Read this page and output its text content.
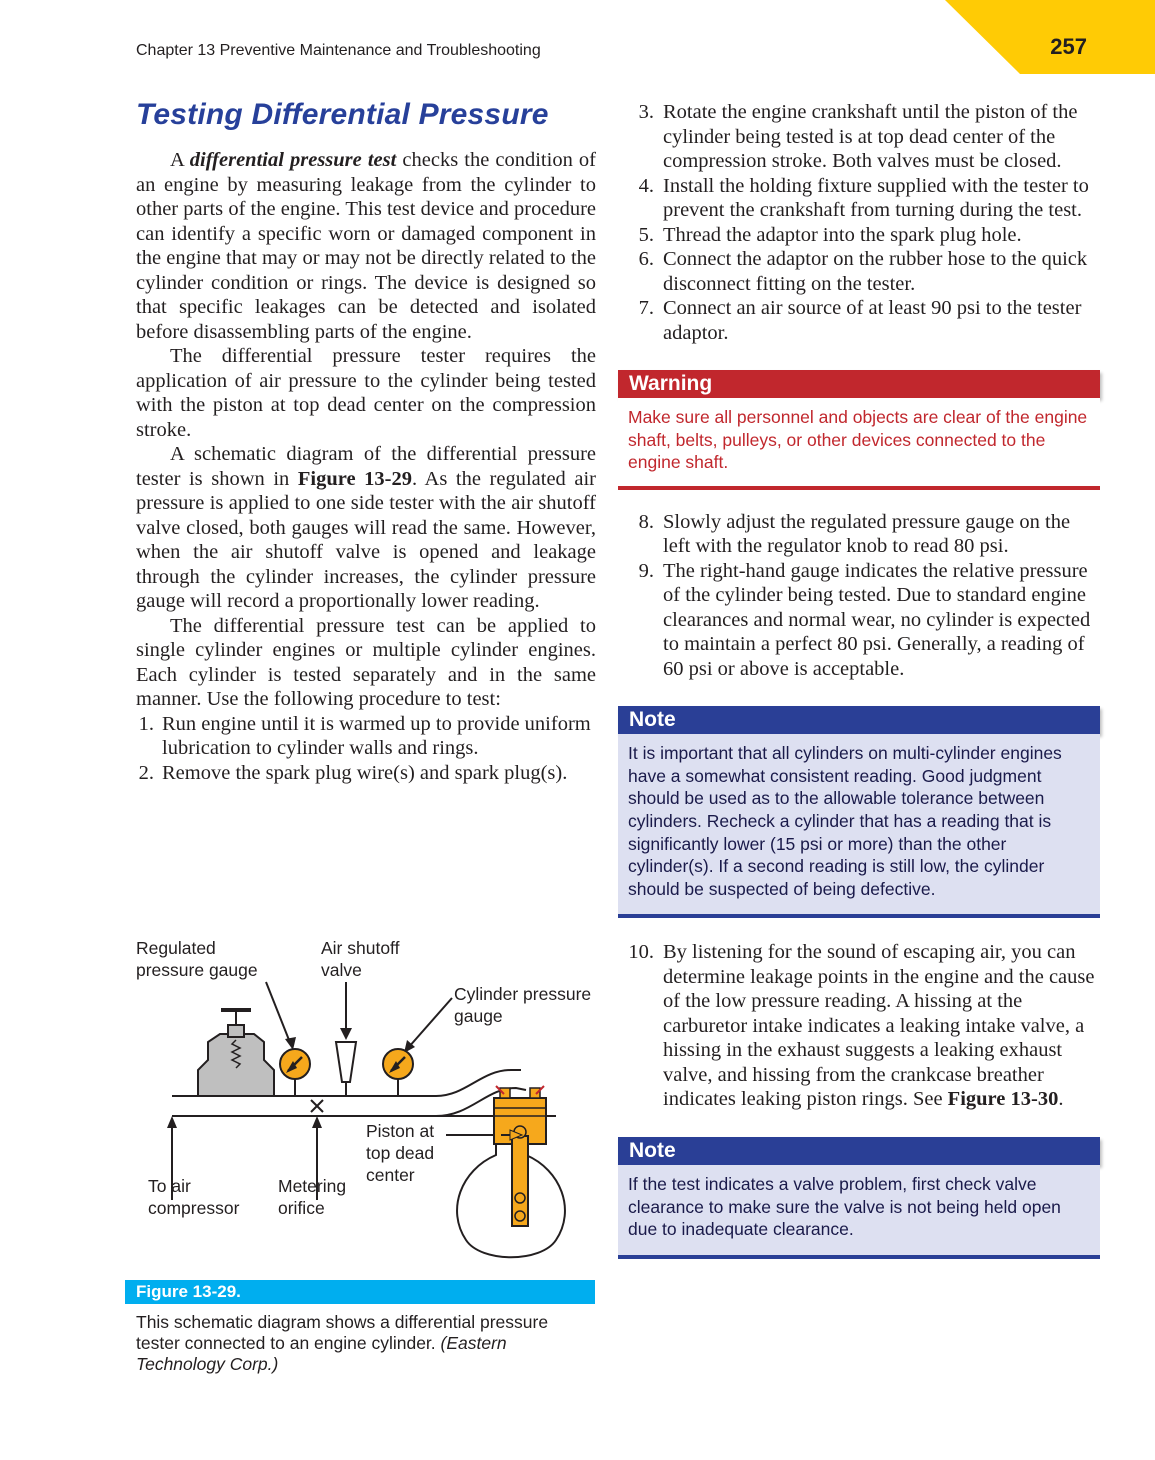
Chapter 13 Preventive Maintenance and Troubleshooting	257
Testing Differential Pressure

A differential pressure test checks the condition of an engine by measuring leakage from the cylinder to other parts of the engine. This test device and procedure can identify a specific worn or damaged component in the engine that may or may not be directly related to the cylinder condition or rings. The device is designed so that specific leakages can be detected and isolated before disassembling parts of the engine.

The differential pressure tester requires the application of air pressure to the cylinder being tested with the piston at top dead center on the compression stroke.

A schematic diagram of the differential pressure tester is shown in Figure 13-29. As the regulated air pressure is applied to one side tester with the air shutoff valve closed, both gauges will read the same. However, when the air shutoff valve is opened and leakage through the cylinder increases, the cylinder pressure gauge will record a proportionally lower reading.

The differential pressure test can be applied to single cylinder engines or multiple cylinder engines. Each cylinder is tested separately and in the same manner. Use the following procedure to test:

1. Run engine until it is warmed up to provide uniform lubrication to cylinder walls and rings.
2. Remove the spark plug wire(s) and spark plug(s).
Regulated pressure gauge
Air shutoff valve
Cylinder pressure gauge
Piston at top dead center
To air compressor
Metering orifice
Figure 13-29.
This schematic diagram shows a differential pressure tester connected to an engine cylinder. (Eastern Technology Corp.)
3. Rotate the engine crankshaft until the piston of the cylinder being tested is at top dead center of the compression stroke. Both valves must be closed.
4. Install the holding fixture supplied with the tester to prevent the crankshaft from turning during the test.
5. Thread the adaptor into the spark plug hole.
6. Connect the adaptor on the rubber hose to the quick disconnect fitting on the tester.
7. Connect an air source of at least 90 psi to the tester adaptor.
Warning
Make sure all personnel and objects are clear of the engine shaft, belts, pulleys, or other devices connected to the engine shaft.
8. Slowly adjust the regulated pressure gauge on the left with the regulator knob to read 80 psi.
9. The right-hand gauge indicates the relative pressure of the cylinder being tested. Due to standard engine clearances and normal wear, no cylinder is expected to maintain a perfect 80 psi. Generally, a reading of 60 psi or above is acceptable.
Note
It is important that all cylinders on multi-cylinder engines have a somewhat consistent reading. Good judgment should be used as to the allowable tolerance between cylinders. Recheck a cylinder that has a reading that is significantly lower (15 psi or more) than the other cylinder(s). If a second reading is still low, the cylinder should be suspected of being defective.
10. By listening for the sound of escaping air, you can determine leakage points in the engine and the cause of the low pressure reading. A hissing at the carburetor intake indicates a leaking intake valve, a hissing in the exhaust suggests a leaking exhaust valve, and hissing from the crankcase breather indicates leaking piston rings. See Figure 13-30.
Note
If the test indicates a valve problem, first check valve clearance to make sure the valve is not being held open due to inadequate clearance.
